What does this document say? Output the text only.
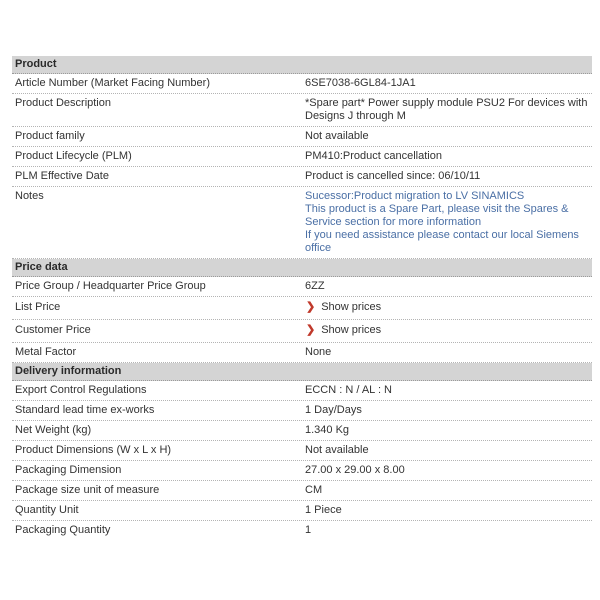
Product
Article Number (Market Facing Number)	6SE7038-6GL84-1JA1
Product Description	*Spare part* Power supply module PSU2 For devices with Designs J through M
Product family	Not available
Product Lifecycle (PLM)	PM410:Product cancellation
PLM Effective Date	Product is cancelled since: 06/10/11
Notes	Sucessor:Product migration to LV SINAMICS
This product is a Spare Part, please visit the Spares & Service section for more information
If you need assistance please contact our local Siemens office
Price data
Price Group / Headquarter Price Group	6ZZ
List Price	❯ Show prices
Customer Price	❯ Show prices
Metal Factor	None
Delivery information
Export Control Regulations	ECCN : N / AL : N
Standard lead time ex-works	1 Day/Days
Net Weight (kg)	1.340 Kg
Product Dimensions (W x L x H)	Not available
Packaging Dimension	27.00 x 29.00 x 8.00
Package size unit of measure	CM
Quantity Unit	1 Piece
Packaging Quantity	1
